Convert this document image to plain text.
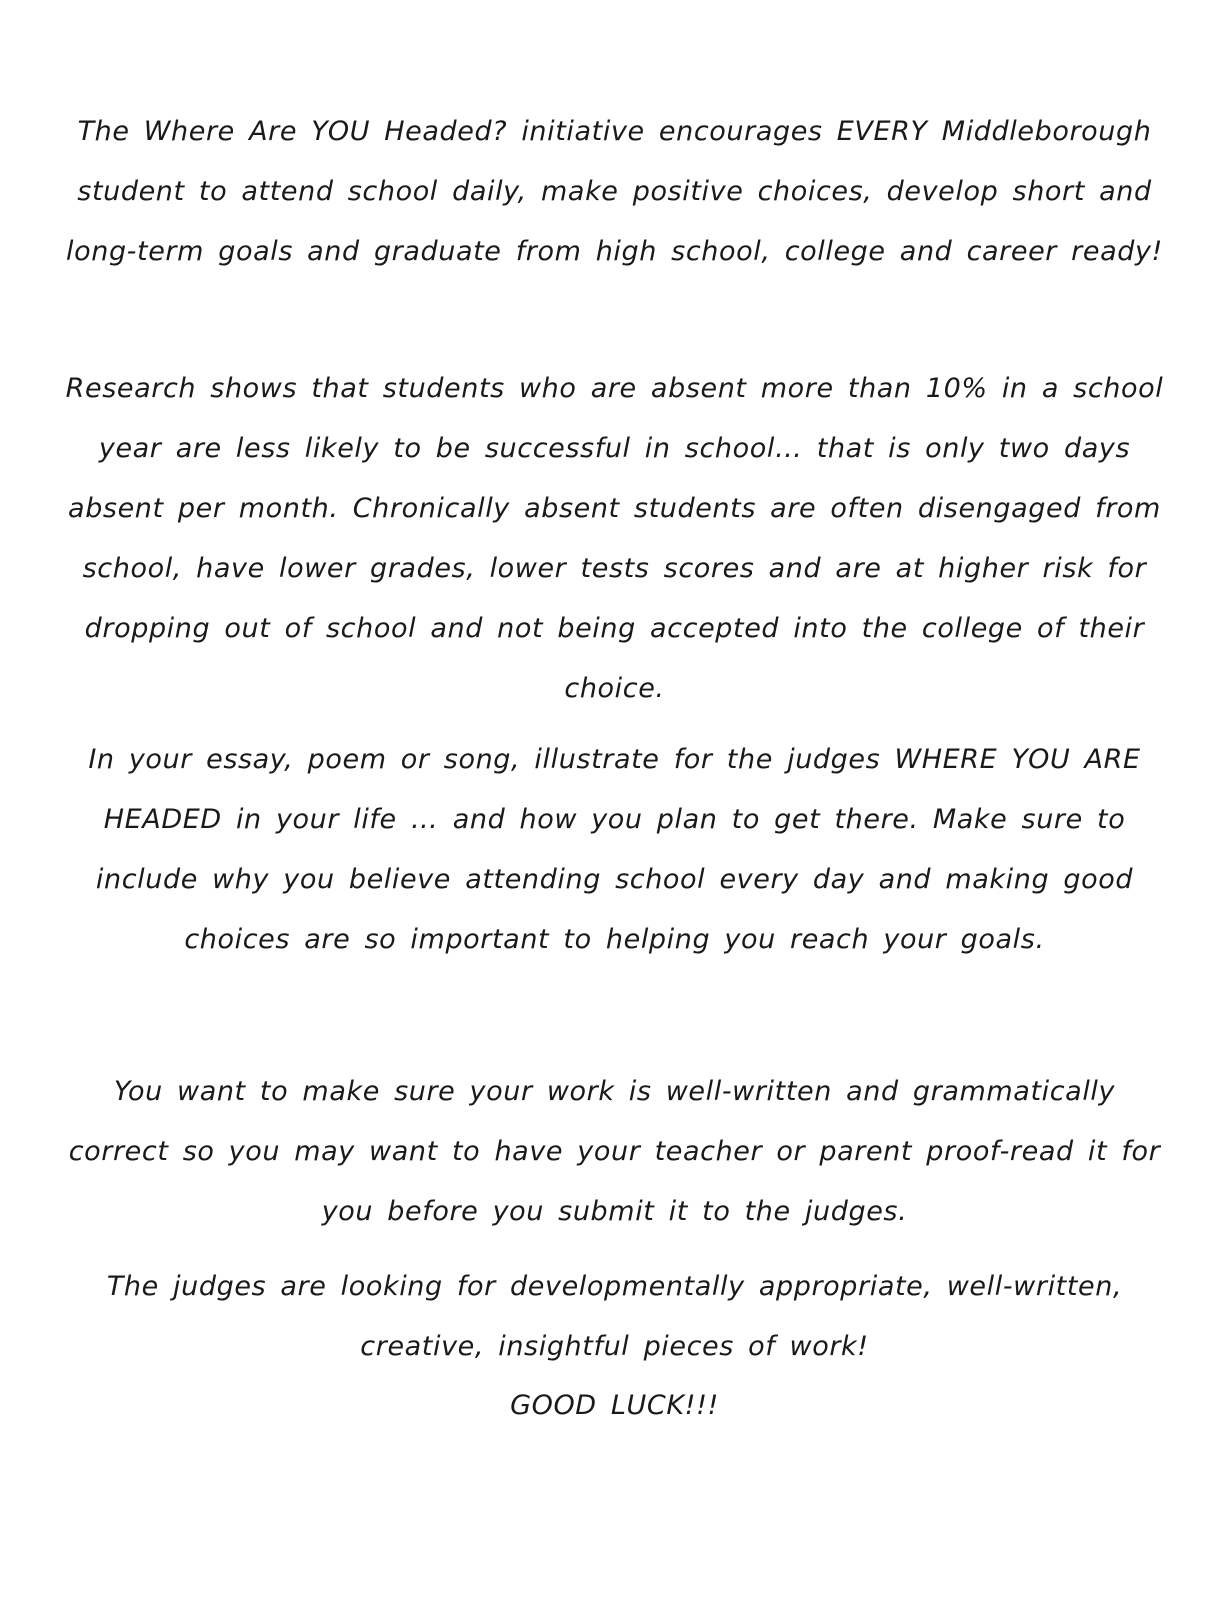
The Where Are YOU Headed? initiative encourages EVERY Middleborough student to attend school daily, make positive choices, develop short and long-term goals and graduate from high school, college and career ready!

Research shows that students who are absent more than 10% in a school year are less likely to be successful in school… that is only two days absent per month. Chronically absent students are often disengaged from school, have lower grades, lower tests scores and are at higher risk for dropping out of school and not being accepted into the college of their choice.

In your essay, poem or song, illustrate for the judges WHERE YOU ARE HEADED in your life … and how you plan to get there. Make sure to include why you believe attending school every day and making good choices are so important to helping you reach your goals.

You want to make sure your work is well-written and grammatically correct so you may want to have your teacher or parent proof-read it for you before you submit it to the judges.

The judges are looking for developmentally appropriate, well-written, creative, insightful pieces of work!

GOOD LUCK!!!
